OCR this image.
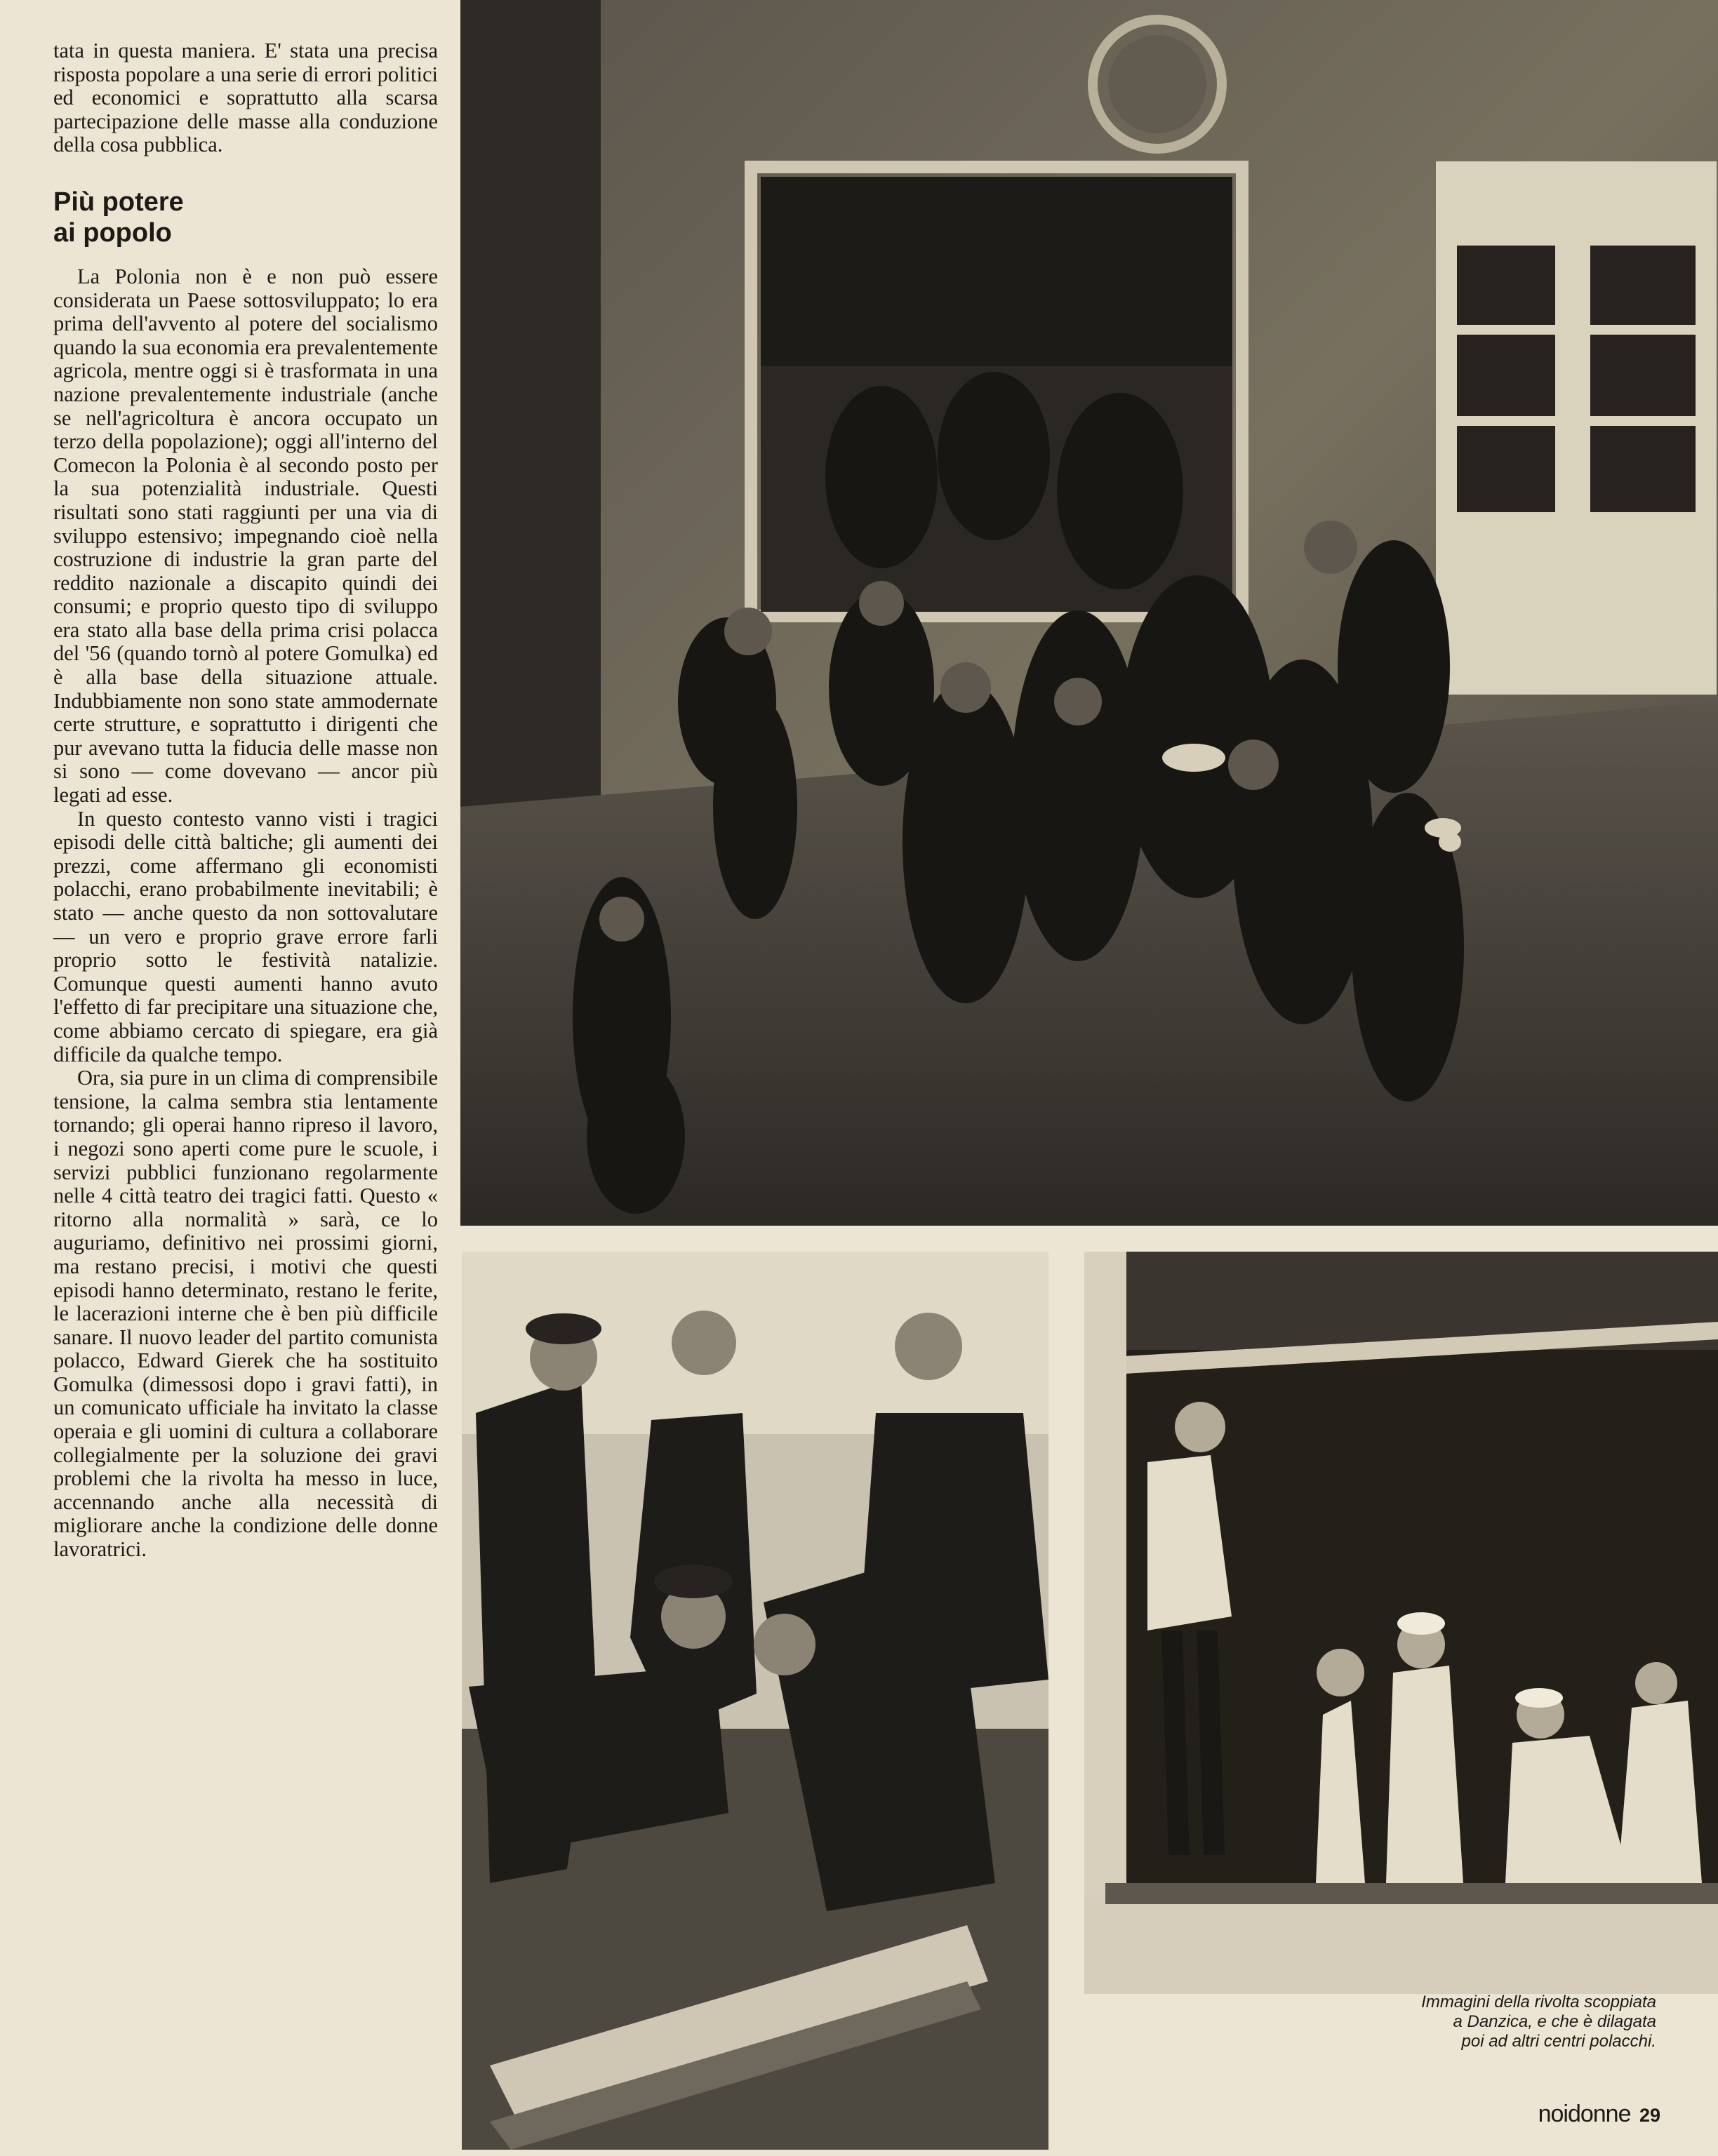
tata in questa maniera. E' stata una precisa risposta popolare a una serie di errori politici ed economici e soprattutto alla scarsa partecipazione delle masse alla conduzione della cosa pubblica.

Più potere
ai popolo

La Polonia non è e non può essere considerata un Paese sottosviluppato; lo era prima dell'avvento al potere del socialismo quando la sua economia era prevalentemente agricola, mentre oggi si è trasformata in una nazione prevalentemente industriale (anche se nell'agricoltura è ancora occupato un terzo della popolazione); oggi all'interno del Comecon la Polonia è al secondo posto per la sua potenzialità industriale. Questi risultati sono stati raggiunti per una via di sviluppo estensivo; impegnando cioè nella costruzione di industrie la gran parte del reddito nazionale a discapito quindi dei consumi; e proprio questo tipo di sviluppo era stato alla base della prima crisi polacca del '56 (quando tornò al potere Gomulka) ed è alla base della situazione attuale. Indubbiamente non sono state ammodernate certe strutture, e soprattutto i dirigenti che pur avevano tutta la fiducia delle masse non si sono — come dovevano — ancor più legati ad esse.

In questo contesto vanno visti i tragici episodi delle città baltiche; gli aumenti dei prezzi, come affermano gli economisti polacchi, erano probabilmente inevitabili; è stato — anche questo da non sottovalutare — un vero e proprio grave errore farli proprio sotto le festività natalizie. Comunque questi aumenti hanno avuto l'effetto di far precipitare una situazione che, come abbiamo cercato di spiegare, era già difficile da qualche tempo.

Ora, sia pure in un clima di comprensibile tensione, la calma sembra stia lentamente tornando; gli operai hanno ripreso il lavoro, i negozi sono aperti come pure le scuole, i servizi pubblici funzionano regolarmente nelle 4 città teatro dei tragici fatti. Questo « ritorno alla normalità » sarà, ce lo auguriamo, definitivo nei prossimi giorni, ma restano precisi, i motivi che questi episodi hanno determinato, restano le ferite, le lacerazioni interne che è ben più difficile sanare. Il nuovo leader del partito comunista polacco, Edward Gierek che ha sostituito Gomulka (dimessosi dopo i gravi fatti), in un comunicato ufficiale ha invitato la classe operaia e gli uomini di cultura a collaborare collegialmente per la soluzione dei gravi problemi che la rivolta ha messo in luce, accennando anche alla necessità di migliorare anche la condizione delle donne lavoratrici.

Immagini della rivolta scoppiata
a Danzica, e che è dilagata
poi ad altri centri polacchi.
noidonne 29
